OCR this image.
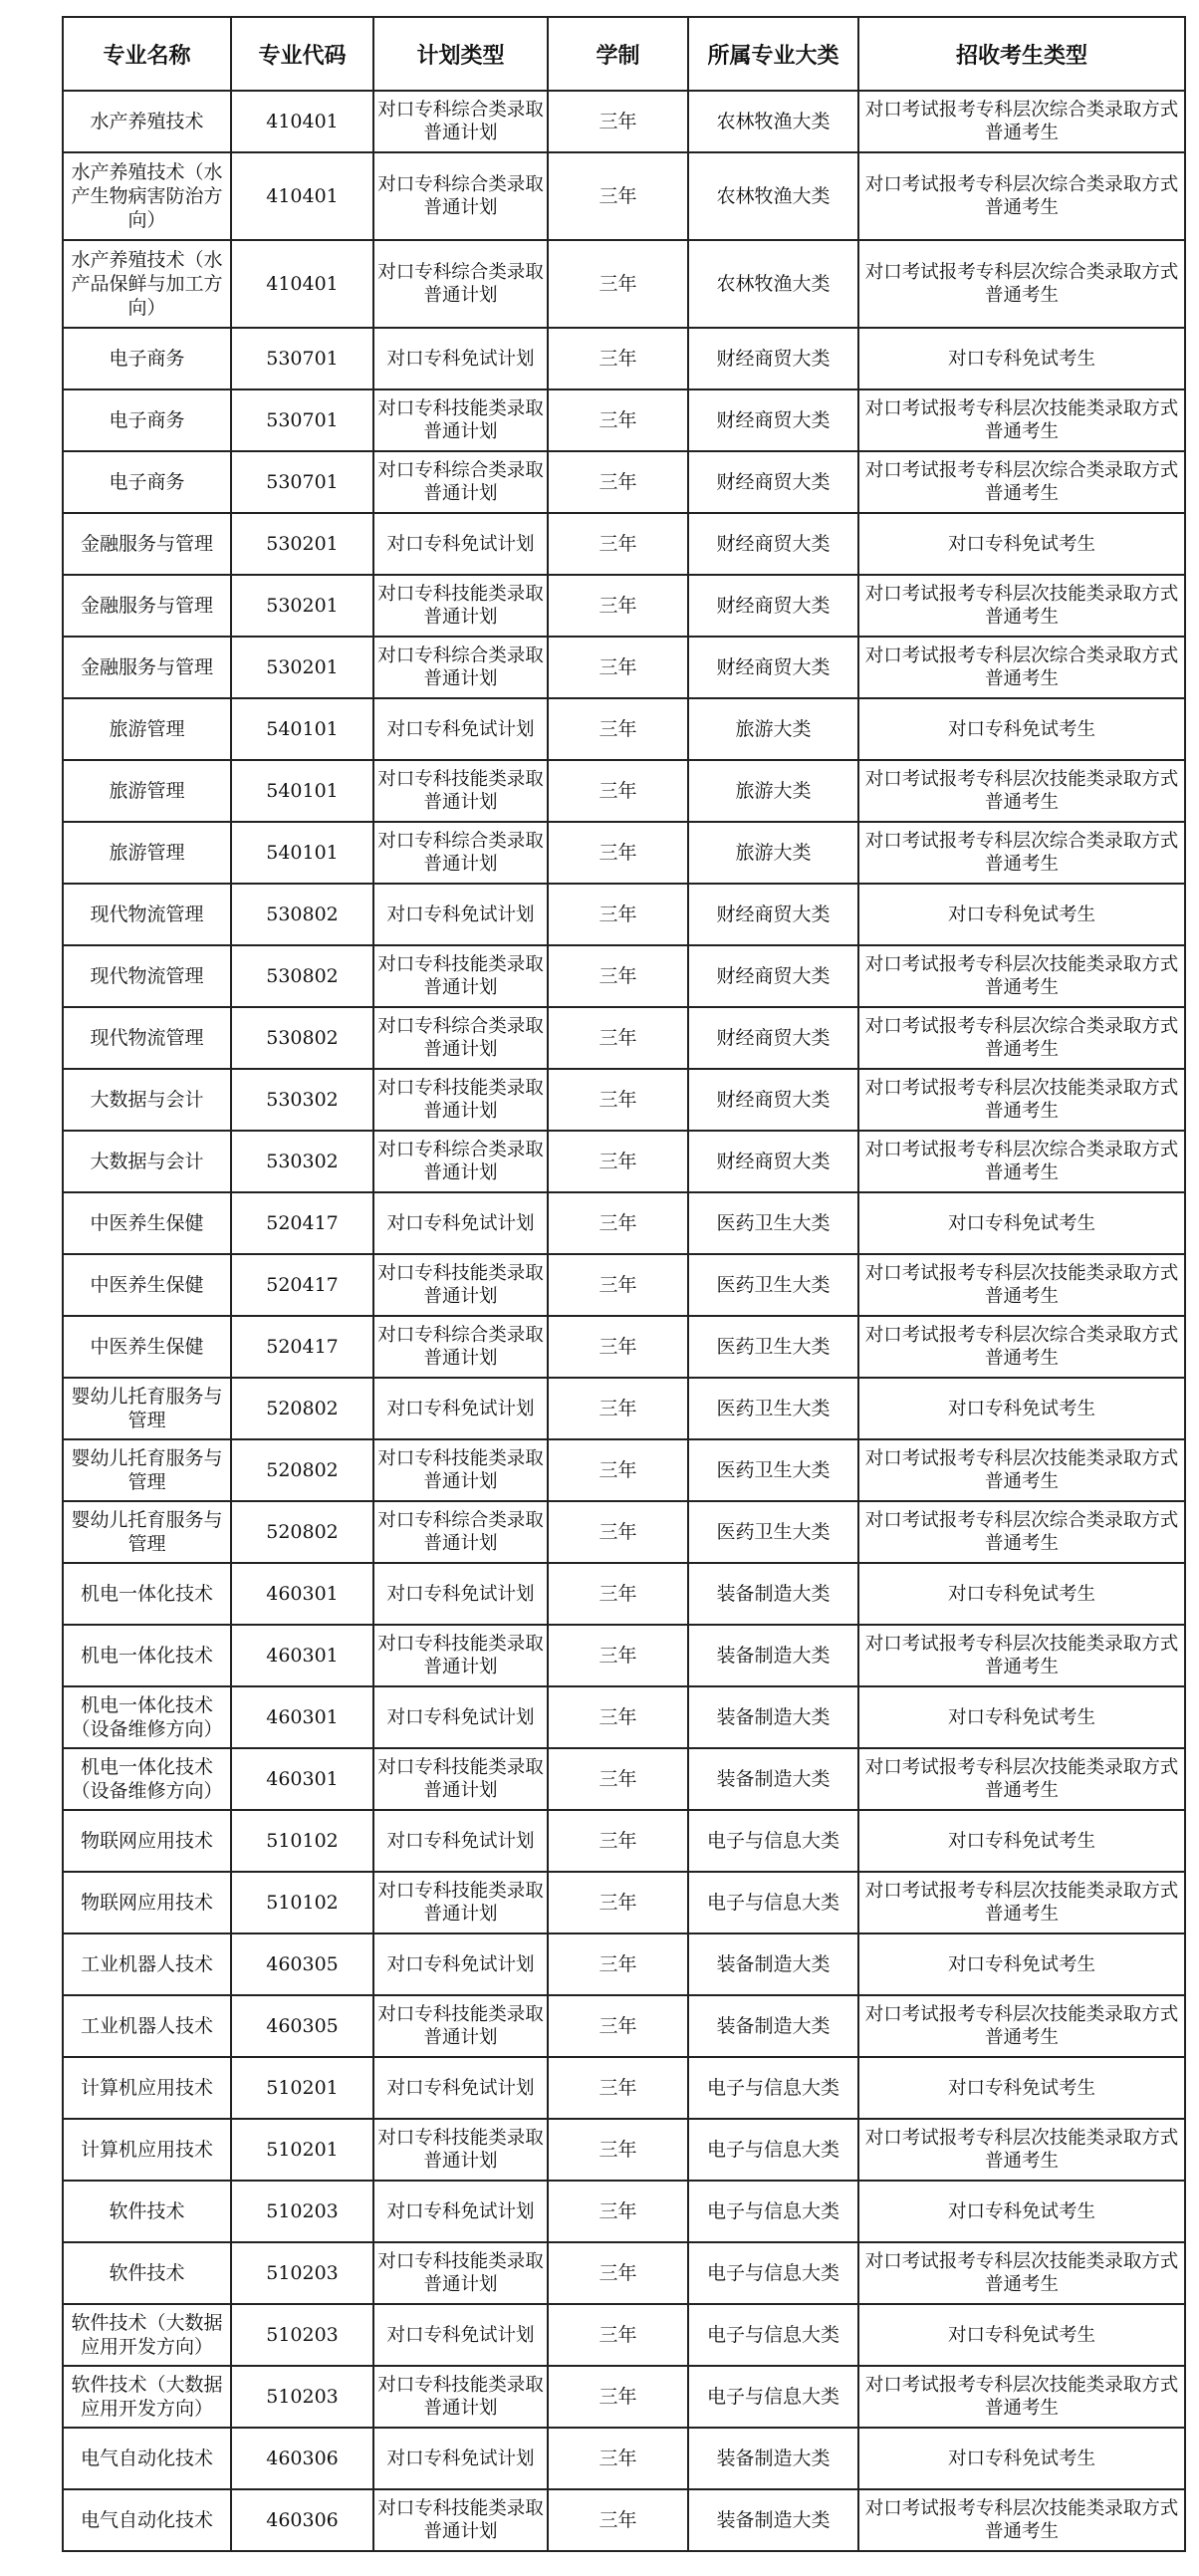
专业名称	专业代码	计划类型	学制	所属专业大类	招收考生类型
水产养殖技术	410401	对口专科综合类录取普通计划	三年	农林牧渔大类	对口考试报考专科层次综合类录取方式普通考生
水产养殖技术（水产生物病害防治方向）	410401	对口专科综合类录取普通计划	三年	农林牧渔大类	对口考试报考专科层次综合类录取方式普通考生
水产养殖技术（水产品保鲜与加工方向）	410401	对口专科综合类录取普通计划	三年	农林牧渔大类	对口考试报考专科层次综合类录取方式普通考生
电子商务	530701	对口专科免试计划	三年	财经商贸大类	对口专科免试考生
电子商务	530701	对口专科技能类录取普通计划	三年	财经商贸大类	对口考试报考专科层次技能类录取方式普通考生
电子商务	530701	对口专科综合类录取普通计划	三年	财经商贸大类	对口考试报考专科层次综合类录取方式普通考生
金融服务与管理	530201	对口专科免试计划	三年	财经商贸大类	对口专科免试考生
金融服务与管理	530201	对口专科技能类录取普通计划	三年	财经商贸大类	对口考试报考专科层次技能类录取方式普通考生
金融服务与管理	530201	对口专科综合类录取普通计划	三年	财经商贸大类	对口考试报考专科层次综合类录取方式普通考生
旅游管理	540101	对口专科免试计划	三年	旅游大类	对口专科免试考生
旅游管理	540101	对口专科技能类录取普通计划	三年	旅游大类	对口考试报考专科层次技能类录取方式普通考生
旅游管理	540101	对口专科综合类录取普通计划	三年	旅游大类	对口考试报考专科层次综合类录取方式普通考生
现代物流管理	530802	对口专科免试计划	三年	财经商贸大类	对口专科免试考生
现代物流管理	530802	对口专科技能类录取普通计划	三年	财经商贸大类	对口考试报考专科层次技能类录取方式普通考生
现代物流管理	530802	对口专科综合类录取普通计划	三年	财经商贸大类	对口考试报考专科层次综合类录取方式普通考生
大数据与会计	530302	对口专科技能类录取普通计划	三年	财经商贸大类	对口考试报考专科层次技能类录取方式普通考生
大数据与会计	530302	对口专科综合类录取普通计划	三年	财经商贸大类	对口考试报考专科层次综合类录取方式普通考生
中医养生保健	520417	对口专科免试计划	三年	医药卫生大类	对口专科免试考生
中医养生保健	520417	对口专科技能类录取普通计划	三年	医药卫生大类	对口考试报考专科层次技能类录取方式普通考生
中医养生保健	520417	对口专科综合类录取普通计划	三年	医药卫生大类	对口考试报考专科层次综合类录取方式普通考生
婴幼儿托育服务与管理	520802	对口专科免试计划	三年	医药卫生大类	对口专科免试考生
婴幼儿托育服务与管理	520802	对口专科技能类录取普通计划	三年	医药卫生大类	对口考试报考专科层次技能类录取方式普通考生
婴幼儿托育服务与管理	520802	对口专科综合类录取普通计划	三年	医药卫生大类	对口考试报考专科层次综合类录取方式普通考生
机电一体化技术	460301	对口专科免试计划	三年	装备制造大类	对口专科免试考生
机电一体化技术	460301	对口专科技能类录取普通计划	三年	装备制造大类	对口考试报考专科层次技能类录取方式普通考生
机电一体化技术（设备维修方向）	460301	对口专科免试计划	三年	装备制造大类	对口专科免试考生
机电一体化技术（设备维修方向）	460301	对口专科技能类录取普通计划	三年	装备制造大类	对口考试报考专科层次技能类录取方式普通考生
物联网应用技术	510102	对口专科免试计划	三年	电子与信息大类	对口专科免试考生
物联网应用技术	510102	对口专科技能类录取普通计划	三年	电子与信息大类	对口考试报考专科层次技能类录取方式普通考生
工业机器人技术	460305	对口专科免试计划	三年	装备制造大类	对口专科免试考生
工业机器人技术	460305	对口专科技能类录取普通计划	三年	装备制造大类	对口考试报考专科层次技能类录取方式普通考生
计算机应用技术	510201	对口专科免试计划	三年	电子与信息大类	对口专科免试考生
计算机应用技术	510201	对口专科技能类录取普通计划	三年	电子与信息大类	对口考试报考专科层次技能类录取方式普通考生
软件技术	510203	对口专科免试计划	三年	电子与信息大类	对口专科免试考生
软件技术	510203	对口专科技能类录取普通计划	三年	电子与信息大类	对口考试报考专科层次技能类录取方式普通考生
软件技术（大数据应用开发方向）	510203	对口专科免试计划	三年	电子与信息大类	对口专科免试考生
软件技术（大数据应用开发方向）	510203	对口专科技能类录取普通计划	三年	电子与信息大类	对口考试报考专科层次技能类录取方式普通考生
电气自动化技术	460306	对口专科免试计划	三年	装备制造大类	对口专科免试考生
电气自动化技术	460306	对口专科技能类录取普通计划	三年	装备制造大类	对口考试报考专科层次技能类录取方式普通考生
